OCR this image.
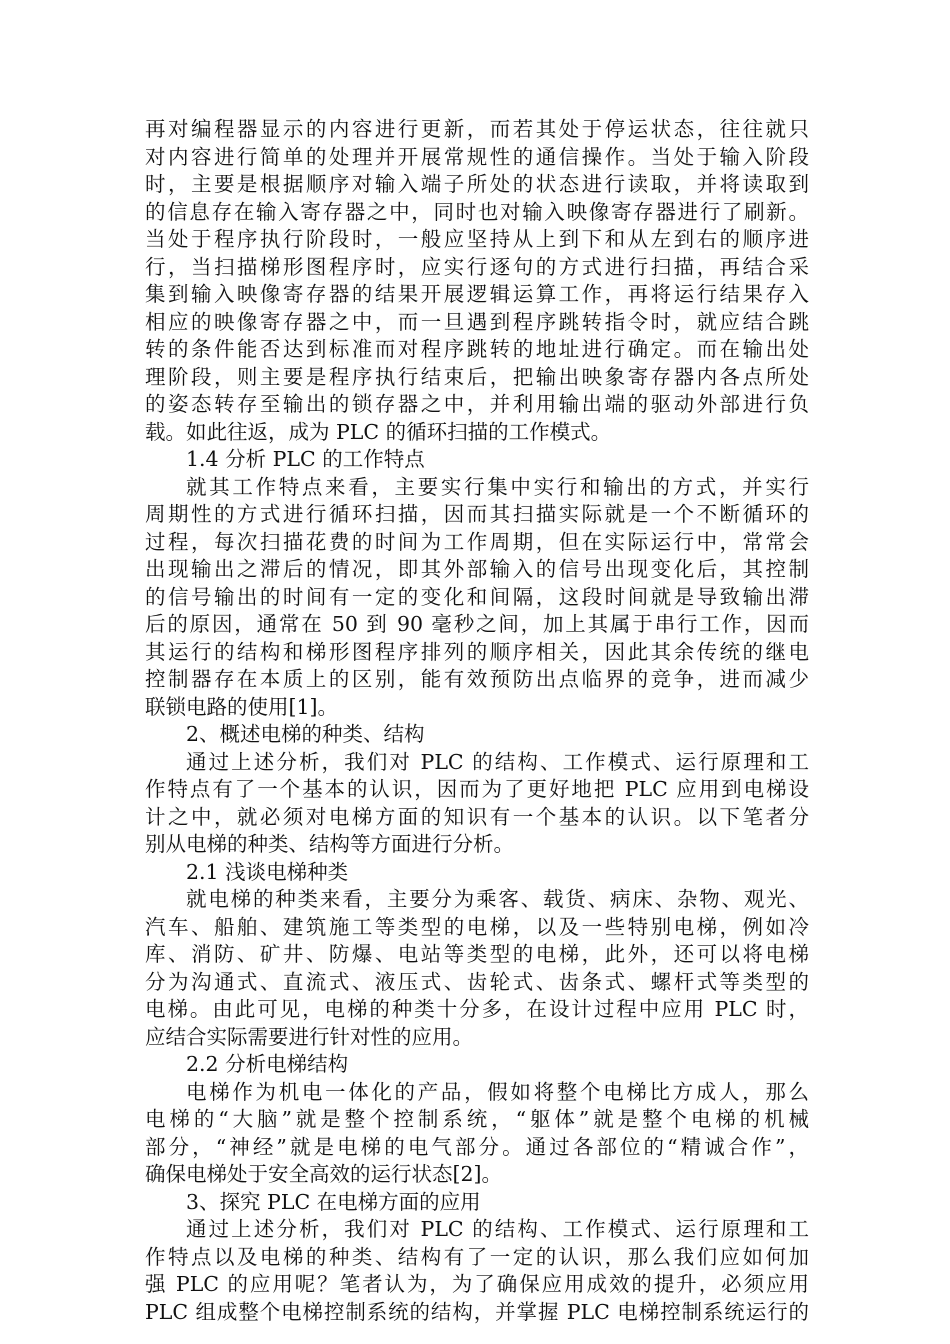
再对编程器显示的内容进行更新，而若其处于停运状态，往往就只
对内容进行简单的处理并开展常规性的通信操作。当处于输入阶段
时，主要是根据顺序对输入端子所处的状态进行读取，并将读取到
的信息存在输入寄存器之中，同时也对输入映像寄存器进行了刷新。
当处于程序执行阶段时，一般应坚持从上到下和从左到右的顺序进
行，当扫描梯形图程序时，应实行逐句的方式进行扫描，再结合采
集到输入映像寄存器的结果开展逻辑运算工作，再将运行结果存入
相应的映像寄存器之中，而一旦遇到程序跳转指令时，就应结合跳
转的条件能否达到标准而对程序跳转的地址进行确定。而在输出处
理阶段，则主要是程序执行结束后，把输出映象寄存器内各点所处
的姿态转存至输出的锁存器之中，并利用输出端的驱动外部进行负
载。如此往返，成为 PLC 的循环扫描的工作模式。
1.4 分析 PLC 的工作特点
就其工作特点来看，主要实行集中实行和输出的方式，并实行
周期性的方式进行循环扫描，因而其扫描实际就是一个不断循环的
过程，每次扫描花费的时间为工作周期，但在实际运行中，常常会
出现输出之滞后的情况，即其外部输入的信号出现变化后，其控制
的信号输出的时间有一定的变化和间隔，这段时间就是导致输出滞
后的原因，通常在 50 到 90 毫秒之间，加上其属于串行工作，因而
其运行的结构和梯形图程序排列的顺序相关，因此其余传统的继电
控制器存在本质上的区别，能有效预防出点临界的竞争，进而减少
联锁电路的使用[1]。
2、概述电梯的种类、结构
通过上述分析，我们对 PLC 的结构、工作模式、运行原理和工
作特点有了一个基本的认识，因而为了更好地把 PLC 应用到电梯设
计之中，就必须对电梯方面的知识有一个基本的认识。以下笔者分
别从电梯的种类、结构等方面进行分析。
2.1 浅谈电梯种类
就电梯的种类来看，主要分为乘客、载货、病床、杂物、观光、
汽车、船舶、建筑施工等类型的电梯，以及一些特别电梯，例如冷
库、消防、矿井、防爆、电站等类型的电梯，此外，还可以将电梯
分为沟通式、直流式、液压式、齿轮式、齿条式、螺杆式等类型的
电梯。由此可见，电梯的种类十分多，在设计过程中应用 PLC 时，
应结合实际需要进行针对性的应用。
2.2 分析电梯结构
电梯作为机电一体化的产品，假如将整个电梯比方成人，那么
电梯的“大脑”就是整个控制系统，“躯体”就是整个电梯的机械
部分，“神经”就是电梯的电气部分。通过各部位的“精诚合作”，
确保电梯处于安全高效的运行状态[2]。
3、探究 PLC 在电梯方面的应用
通过上述分析，我们对 PLC 的结构、工作模式、运行原理和工
作特点以及电梯的种类、结构有了一定的认识，那么我们应如何加
强 PLC 的应用呢？笔者认为，为了确保应用成效的提升，必须应用
PLC 组成整个电梯控制系统的结构，并掌握 PLC 电梯控制系统运行的
